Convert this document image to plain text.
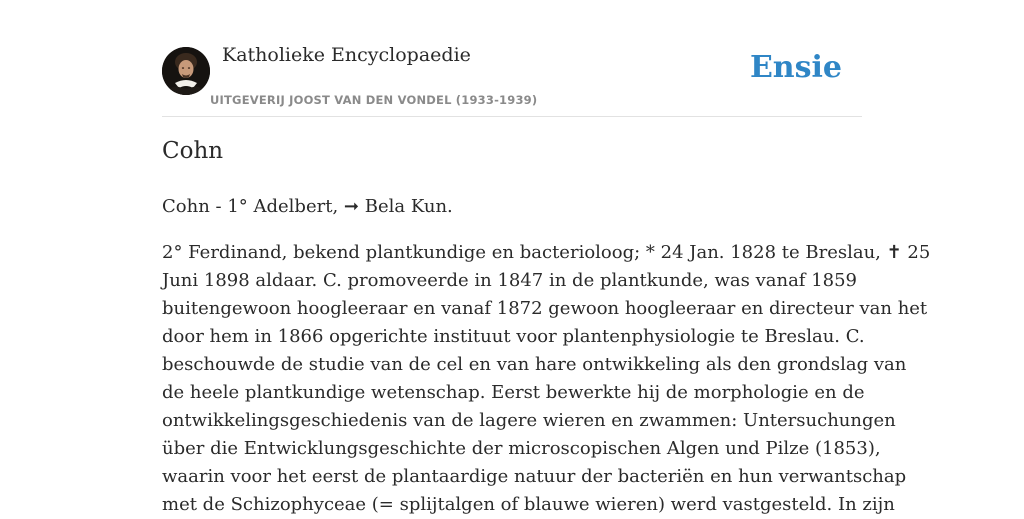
Katholieke Encyclopaedie
UITGEVERIJ JOOST VAN DEN VONDEL (1933-1939)
Ensie
Cohn

Cohn - 1° Adelbert, ➞ Bela Kun.

2° Ferdinand, bekend plantkundige en bacterioloog; * 24 Jan. 1828 te Breslau, ✝ 25
Juni 1898 aldaar. C. promoveerde in 1847 in de plantkunde, was vanaf 1859
buitengewoon hoogleeraar en vanaf 1872 gewoon hoogleeraar en directeur van het
door hem in 1866 opgerichte instituut voor plantenphysiologie te Breslau. C.
beschouwde de studie van de cel en van hare ontwikkeling als den grondslag van
de heele plantkundige wetenschap. Eerst bewerkte hij de morphologie en de
ontwikkelingsgeschiedenis van de lagere wieren en zwammen: Untersuchungen
über die Entwicklungsgeschichte der microscopischen Algen und Pilze (1853),
waarin voor het eerst de plantaardige natuur der bacteriën en hun verwantschap
met de Schizophyceae (= splijtalgen of blauwe wieren) werd vastgesteld. In zijn
